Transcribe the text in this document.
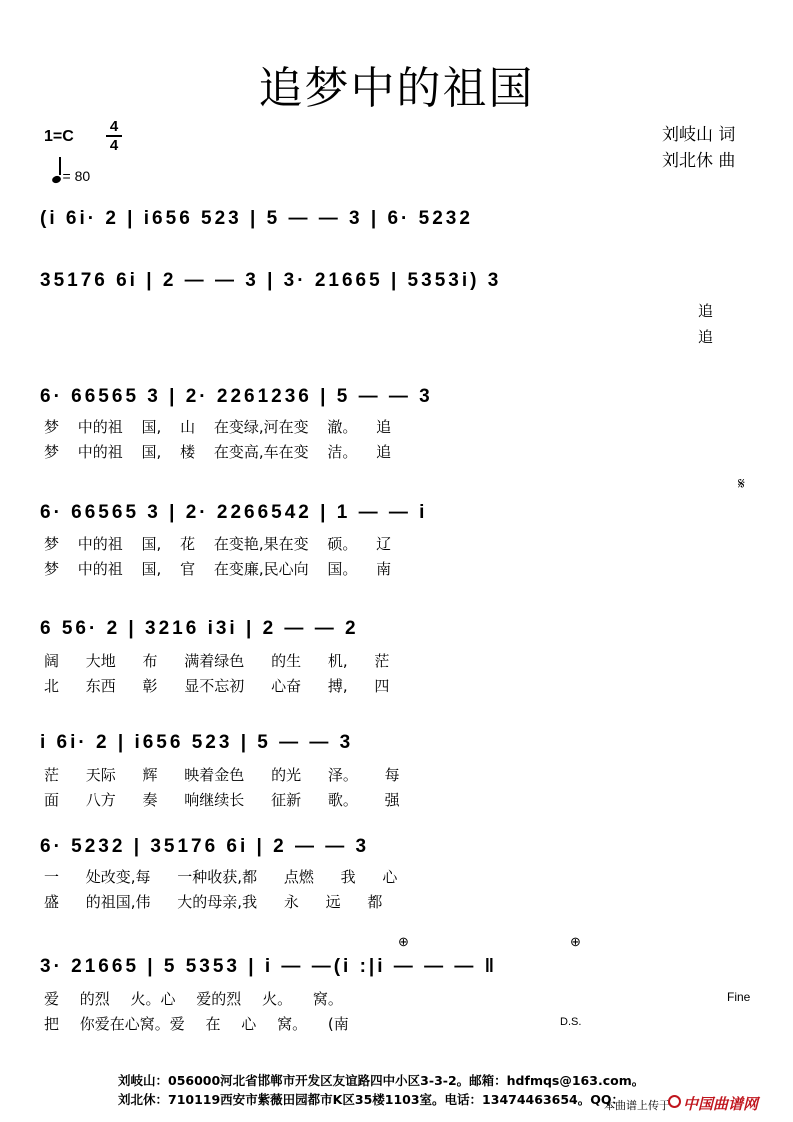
追梦中的祖国
1=C
4
4
= 80
刘岐山 词
刘北休 曲
(i 6i· 2 | i656 523 | 5 — — 3 | 6· 5232
35176 6i | 2 — — 3 | 3· 21665 | 5353i) 3
追
追
6· 66565 3 | 2· 2261236 | 5 — — 3
梦 中的祖 国, 山 在变绿,河在变 澈。 追
梦 中的祖 国, 楼 在变高,车在变 洁。 追
6· 66565 3 | 2· 2266542 | 1 — — i
梦 中的祖 国, 花 在变艳,果在变 硕。 辽
梦 中的祖 国, 官 在变廉,民心向 国。 南
𝄋
6 56· 2 | 3216 i3i | 2 — — 2
阔 大地 布 满着绿色 的生 机, 茫
北 东西 彰 显不忘初 心奋 搏, 四
i 6i· 2 | i656 523 | 5 — — 3
茫 天际 辉 映着金色 的光 泽。 每
面 八方 奏 响继续长 征新 歌。 强
6· 5232 | 35176 6i | 2 — — 3
一 处改变,每 一种收获,都 点燃 我 心
盛 的祖国,伟 大的母亲,我 永 远 都
⊕	⊕
3· 21665 | 5 5353 | i — —(i :|i — — — ‖
爱 的烈 火。心 爱的烈 火。 窝。
把 你爱在心窝。爱 在 心 窝。 (南
Fine
D.S.
刘岐山：056000河北省邯郸市开发区友谊路四中小区3-3-2。邮箱：hdfmqs@163.com。
刘北休：710119西安市紫薇田园都市K区35楼1103室。电话：13474463654。QQ：
本曲谱上传于 中国曲谱网
